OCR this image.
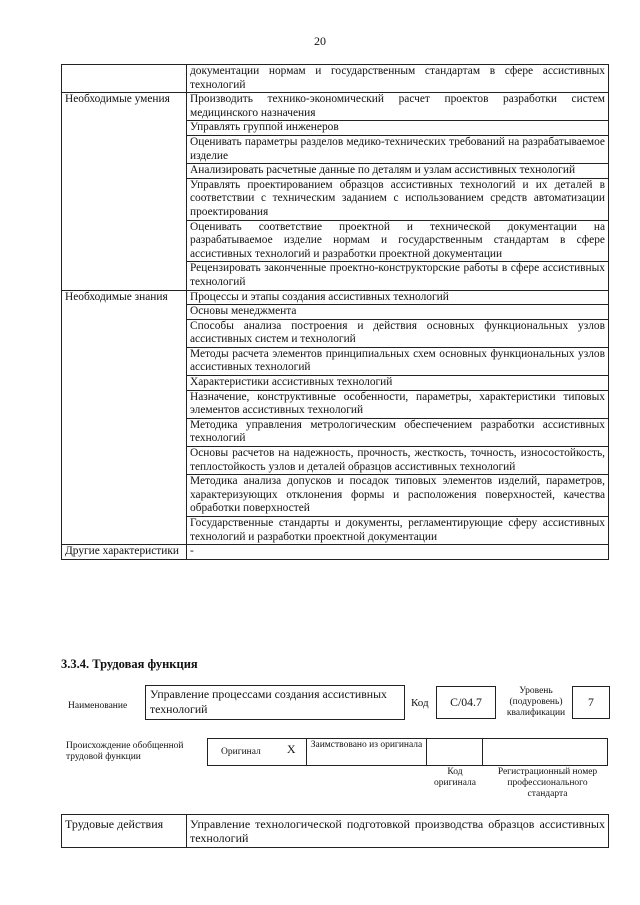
20
	документации нормам и государственным стандартам в сфере ассистивных технологий
Необходимые умения	Производить технико-экономический расчет проектов разработки систем медицинского назначения
	Управлять группой инженеров
	Оценивать параметры разделов медико-технических требований на разрабатываемое изделие
	Анализировать расчетные данные по деталям и узлам ассистивных технологий
	Управлять проектированием образцов ассистивных технологий и их деталей в соответствии с техническим заданием с использованием средств автоматизации проектирования
	Оценивать соответствие проектной и технической документации на разрабатываемое изделие нормам и государственным стандартам в сфере ассистивных технологий и разработки проектной документации
	Рецензировать законченные проектно-конструкторские работы в сфере ассистивных технологий
Необходимые знания	Процессы и этапы создания ассистивных технологий
	Основы менеджмента
	Способы анализа построения и действия основных функциональных узлов ассистивных систем и технологий
	Методы расчета элементов принципиальных схем основных функциональных узлов ассистивных технологий
	Характеристики ассистивных технологий
	Назначение, конструктивные особенности, параметры, характеристики типовых элементов ассистивных технологий
	Методика управления метрологическим обеспечением разработки ассистивных технологий
	Основы расчетов на надежность, прочность, жесткость, точность, износостойкость, теплостойкость узлов и деталей образцов ассистивных технологий
	Методика анализа допусков и посадок типовых элементов изделий, параметров, характеризующих отклонения формы и расположения поверхностей, качества обработки поверхностей
	Государственные стандарты и документы, регламентирующие сферу ассистивных технологий и разработки проектной документации
Другие характеристики	-
3.3.4. Трудовая функция
Наименование
Управление процессами создания ассистивных технологий	Код	C/04.7
Уровень (подуровень) квалификации
7
Происхождение обобщенной трудовой функции	Оригинал X Заимствовано из оригинала
Код оригинала
Регистрационный номер профессионального стандарта
Трудовые действия	Управление технологической подготовкой производства образцов ассистивных технологий
